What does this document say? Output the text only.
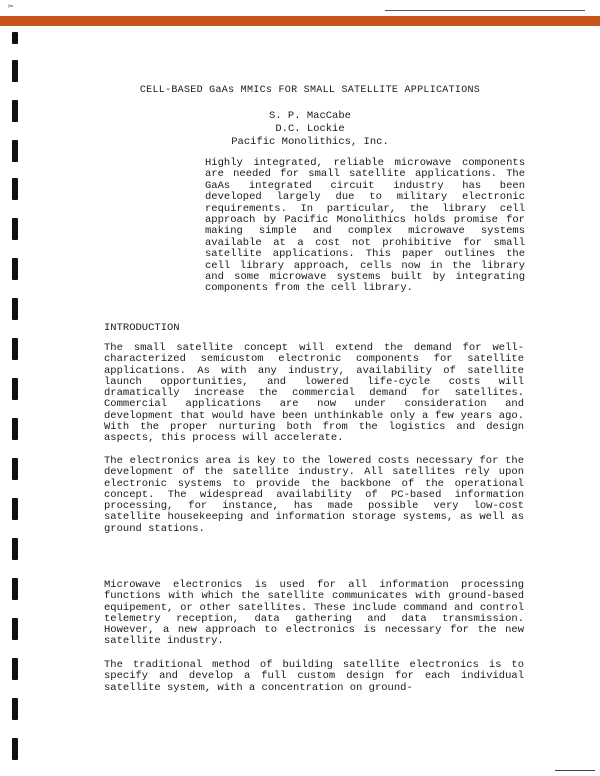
✂
CELL-BASED GaAs MMICs FOR SMALL SATELLITE APPLICATIONS

S. P. MacCabe

D.C. Lockie

Pacific Monolithics, Inc.

Highly integrated, reliable microwave components are needed for small satellite applications. The GaAs integrated circuit industry has been developed largely due to military electronic requirements. In particular, the library cell approach by Pacific Monolithics holds promise for making simple and complex microwave systems available at a cost not prohibitive for small satellite applications. This paper outlines the cell library approach, cells now in the library and some microwave systems built by integrating components from the cell library.

INTRODUCTION

The small satellite concept will extend the demand for well-characterized semicustom electronic components for satellite applications. As with any industry, availability of satellite launch opportunities, and lowered life-cycle costs will dramatically increase the commercial demand for satellites. Commercial applications are now under consideration and development that would have been unthinkable only a few years ago. With the proper nurturing both from the logistics and design aspects, this process will accelerate.

The electronics area is key to the lowered costs necessary for the development of the satellite industry. All satellites rely upon electronic systems to provide the backbone of the operational concept. The widespread availability of PC-based information processing, for instance, has made possible very low-cost satellite housekeeping and information storage systems, as well as ground stations.

Microwave electronics is used for all information processing functions with which the satellite communicates with ground-based equipement, or other satellites. These include command and control telemetry reception, data gathering and data transmission. However, a new approach to electronics is necessary for the new satellite industry.

The traditional method of building satellite electronics is to specify and develop a full custom design for each individual satellite system, with a concentration on ground-
